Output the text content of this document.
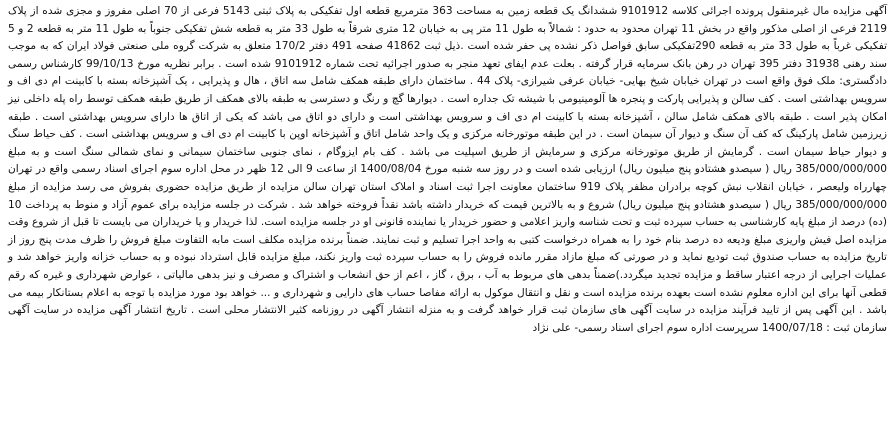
آگهی مزایده مال غیرمنقول پرونده اجرائی کلاسه 9101912 ششدانگ یک قطعه زمین به مساحت 363 مترمربع قطعه اول تفکیکی به پلاک ثبتی 5143 فرعی از 70 اصلی مفروز و مجزی شده از پلاک 2119 فرعی از اصلی مذکور واقع در بخش 11 تهران محدود به حدود : شمالاً به طول 11 متر پی به خیابان 12 متری شرقاً به طول 33 متر به قطعه شش تفکیکی جنوباً به طول 11 متر به قطعه 2 و 5 تفکیکی غرباً به طول 33 متر به قطعه 290تفکیکی سابق فواصل ذکر نشده پی حفر شده است .ذیل ثبت 41862 صفحه 491 دفتر 170/2 متعلق به شرکت گروه ملی صنعتی فولاد ایران که به موجب سند رهنی 31938 دفتر 395 تهران در رهن بانک سرمایه قرار گرفته . بعلت عدم ایفای تعهد منجر به صدور اجرائیه تحت شماره 9101912 شده است . برابر نظریه مورخ 99/10/13 کارشناس رسمی دادگستری: ملک فوق واقع است در تهران خیابان شیخ بهایی- خیابان عرفی شیرازی- پلاک 44 . ساختمان دارای طبقه همکف شامل سه اتاق ، هال و پذیرایی ، یک آشپزخانه بسته با کابینت ام دی اف و سرویس بهداشتی است . کف سالن و پذیرایی پارکت و پنجره ها آلومینیومی با شیشه تک جداره است . دیوارها گچ و رنگ و دسترسی به طبقه بالای همکف از طریق طبقه همکف توسط راه پله داخلی نیز امکان پذیر است . طبقه بالای همکف شامل سالن ، آشپزخانه بسته با کابینت ام دی اف و سرویس بهداشتی است و دارای دو اتاق می باشد که یکی از اتاق ها دارای سرویس بهداشتی است . طبقه زیرزمین شامل پارکینگ که کف آن سنگ و دیوار آن سیمان است . در این طبقه موتورخانه مرکزی و یک واحد شامل اتاق و آشپزخانه اوپن با کابینت ام دی اف و سرویس بهداشتی است . کف حیاط سنگ و دیوار حیاط سیمان است . گرمایش از طریق موتورخانه مرکزی و سرمایش از طریق اسپلیت می باشد . کف بام ایزوگام ، نمای جنوبی ساختمان سیمانی و نمای شمالی سنگ است و به مبلغ 385/000/000/000 ریال ( سیصدو هشتادو پنج میلیون ریال) ارزیابی شده است و در روز سه شنبه مورخ 1400/08/04 از ساعت 9 الی 12 ظهر در محل اداره سوم اجرای اسناد رسمی واقع در تهران چهارراه ولیعصر ، خیابان انقلاب نبش کوچه برادران مظفر پلاک 919 ساختمان معاونت اجرا ثبت اسناد و املاک استان تهران سالن مزایده از طریق مزایده حضوری بفروش می رسد مزایده از مبلغ 385/000/000/000 ریال ( سیصدو هشتادو پنج میلیون ریال) شروع و به بالاترین قیمت که خریدار داشته باشد نقداً فروخته خواهد شد . شرکت در جلسه مزایده برای عموم آزاد و منوط به پرداخت 10 (ده) درصد از مبلغ پایه کارشناسی به حساب سپرده ثبت و تحت شناسه واریز اعلامی و حضور خریدار یا نماینده قانونی او در جلسه مزایده است. لذا خریدار و یا خریداران می بایست تا قبل از شروع وقت مزایده اصل فیش واریزی مبلغ ودیعه ده درصد بنام خود را به همراه درخواست کتبی به واحد اجرا تسلیم و ثبت نمایند. ضمناً برنده مزایده مکلف است مابه التفاوت مبلغ فروش را ظرف مدت پنج روز از تاریخ مزایده به حساب صندوق ثبت تودیع نماید و در صورتی که مبلغ مازاد مقرر مانده فروش را به حساب سپرده ثبت واریز نکند، مبلغ مزایده قابل استرداد نبوده و به حساب خزانه واریز خواهد شد و عملیات اجرایی از درجه اعتبار ساقط و مزایده تجدید میگردد.)ضمناً بدهی های مربوط به آب ، برق ، گاز ، اعم از حق انشعاب و اشتراک و مصرف و نیز بدهی مالیاتی ، عوارض شهرداری و غیره که رقم قطعی آنها برای این اداره معلوم نشده است بعهده برنده مزایده است و نقل و انتقال موکول به ارائه مفاصا حساب های دارایی و شهرداری و ... خواهد بود مورد مزایده با توجه به اعلام بستانکار بیمه می باشد . این آگهی پس از تایید فرآیند مزایده در سایت آگهی های سازمان ثبت قرار خواهد گرفت و به منزله انتشار آگهی در روزنامه کثیر الانتشار محلی است . تاریخ انتشار آگهی مزایده در سایت آگهی سازمان ثبت : 1400/07/18 سرپرست اداره سوم اجرای اسناد رسمی- علی نژاد
